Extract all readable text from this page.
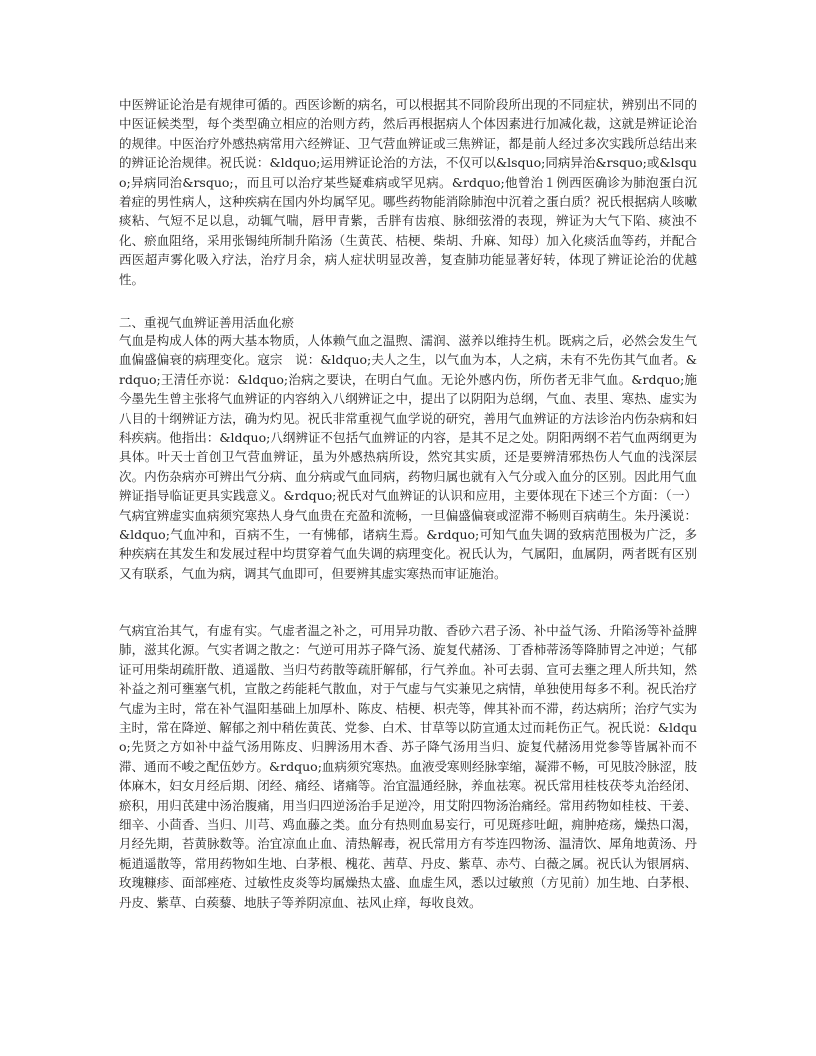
中医辨证论治是有规律可循的。西医诊断的病名，可以根据其不同阶段所出现的不同症状，辨别出不同的中医证候类型，每个类型确立相应的治则方药，然后再根据病人个体因素进行加减化裁，这就是辨证论治的规律。中医治疗外感热病常用六经辨证、卫气营血辨证或三焦辨证，都是前人经过多次实践所总结出来的辨证论治规律。祝氏说：&ldquo;运用辨证论治的方法，不仅可以&lsquo;同病异治&rsquo;或&lsquo;异病同治&rsquo;，而且可以治疗某些疑难病或罕见病。&rdquo;他曾治１例西医确诊为肺泡蛋白沉着症的男性病人，这种疾病在国内外均属罕见。哪些药物能消除肺泡中沉着之蛋白质？祝氏根据病人咳嗽痰粘、气短不足以息，动辄气喘，唇甲青紫，舌胖有齿痕、脉细弦滑的表现，辨证为大气下陷、痰浊不化、瘀血阻络，采用张锡纯所制升陷汤（生黄芪、桔梗、柴胡、升麻、知母）加入化痰活血等药，并配合西医超声雾化吸入疗法，治疗月余，病人症状明显改善，复查肺功能显著好转，体现了辨证论治的优越性。

二、重视气血辨证善用活血化瘀

气血是构成人体的两大基本物质，人体赖气血之温煦、濡润、滋养以维持生机。既病之后，必然会发生气血偏盛偏衰的病理变化。寇宗　说：&ldquo;夫人之生，以气血为本，人之病，未有不先伤其气血者。&rdquo;王清任亦说：&ldquo;治病之要诀，在明白气血。无论外感内伤，所伤者无非气血。&rdquo;施今墨先生曾主张将气血辨证的内容纳入八纲辨证之中，提出了以阴阳为总纲，气血、表里、寒热、虚实为八目的十纲辨证方法，确为灼见。祝氏非常重视气血学说的研究，善用气血辨证的方法诊治内伤杂病和妇科疾病。他指出：&ldquo;八纲辨证不包括气血辨证的内容，是其不足之处。阴阳两纲不若气血两纲更为具体。叶天士首创卫气营血辨证，虽为外感热病所设，然究其实质，还是要辨清邪热伤人气血的浅深层次。内伤杂病亦可辨出气分病、血分病或气血同病，药物归属也就有入气分或入血分的区别。因此用气血辨证指导临证更具实践意义。&rdquo;祝氏对气血辨证的认识和应用，主要体现在下述三个方面：（一）气病宜辨虚实血病须究寒热人身气血贵在充盈和流畅，一旦偏盛偏衰或涩滞不畅则百病萌生。朱丹溪说：&ldquo;气血冲和，百病不生，一有怫郁，诸病生焉。&rdquo;可知气血失调的致病范围极为广泛，多种疾病在其发生和发展过程中均贯穿着气血失调的病理变化。祝氏认为，气属阳，血属阴，两者既有区别又有联系，气血为病，调其气血即可，但要辨其虚实寒热而审证施治。

气病宜治其气，有虚有实。气虚者温之补之，可用异功散、香砂六君子汤、补中益气汤、升陷汤等补益脾肺，滋其化源。气实者调之散之：气逆可用苏子降气汤、旋复代赭汤、丁香柿蒂汤等降肺胃之冲逆；气郁证可用柴胡疏肝散、逍遥散、当归芍药散等疏肝解郁，行气养血。补可去弱、宣可去壅之理人所共知，然补益之剂可壅塞气机，宣散之药能耗气散血，对于气虚与气实兼见之病情，单独使用每多不利。祝氏治疗气虚为主时，常在补气温阳基础上加厚朴、陈皮、桔梗、枳壳等，俾其补而不滞，药达病所；治疗气实为主时，常在降逆、解郁之剂中稍佐黄芪、党参、白术、甘草等以防宣通太过而耗伤正气。祝氏说：&ldquo;先贤之方如补中益气汤用陈皮、归脾汤用木香、苏子降气汤用当归、旋复代赭汤用党参等皆属补而不滞、通而不峻之配伍妙方。&rdquo;血病须究寒热。血液受寒则经脉挛缩，凝滞不畅，可见肢冷脉涩，肢体麻木，妇女月经后期、闭经、痛经、诸痛等。治宜温通经脉，养血祛寒。祝氏常用桂枝茯苓丸治经闭、瘀积，用归芪建中汤治腹痛，用当归四逆汤治手足逆冷，用艾附四物汤治痛经。常用药物如桂枝、干姜、细辛、小茴香、当归、川芎、鸡血藤之类。血分有热则血易妄行，可见斑疹吐衄，痈肿疮疡，燥热口渴，月经先期，苔黄脉数等。治宜凉血止血、清热解毒，祝氏常用方有芩连四物汤、温清饮、犀角地黄汤、丹栀逍遥散等，常用药物如生地、白茅根、槐花、茜草、丹皮、紫草、赤芍、白薇之属。祝氏认为银屑病、玫瑰糠疹、面部痤疮、过敏性皮炎等均属燥热太盛、血虚生风，悉以过敏煎（方见前）加生地、白茅根、丹皮、紫草、白蒺藜、地肤子等养阴凉血、祛风止痒，每收良效。
